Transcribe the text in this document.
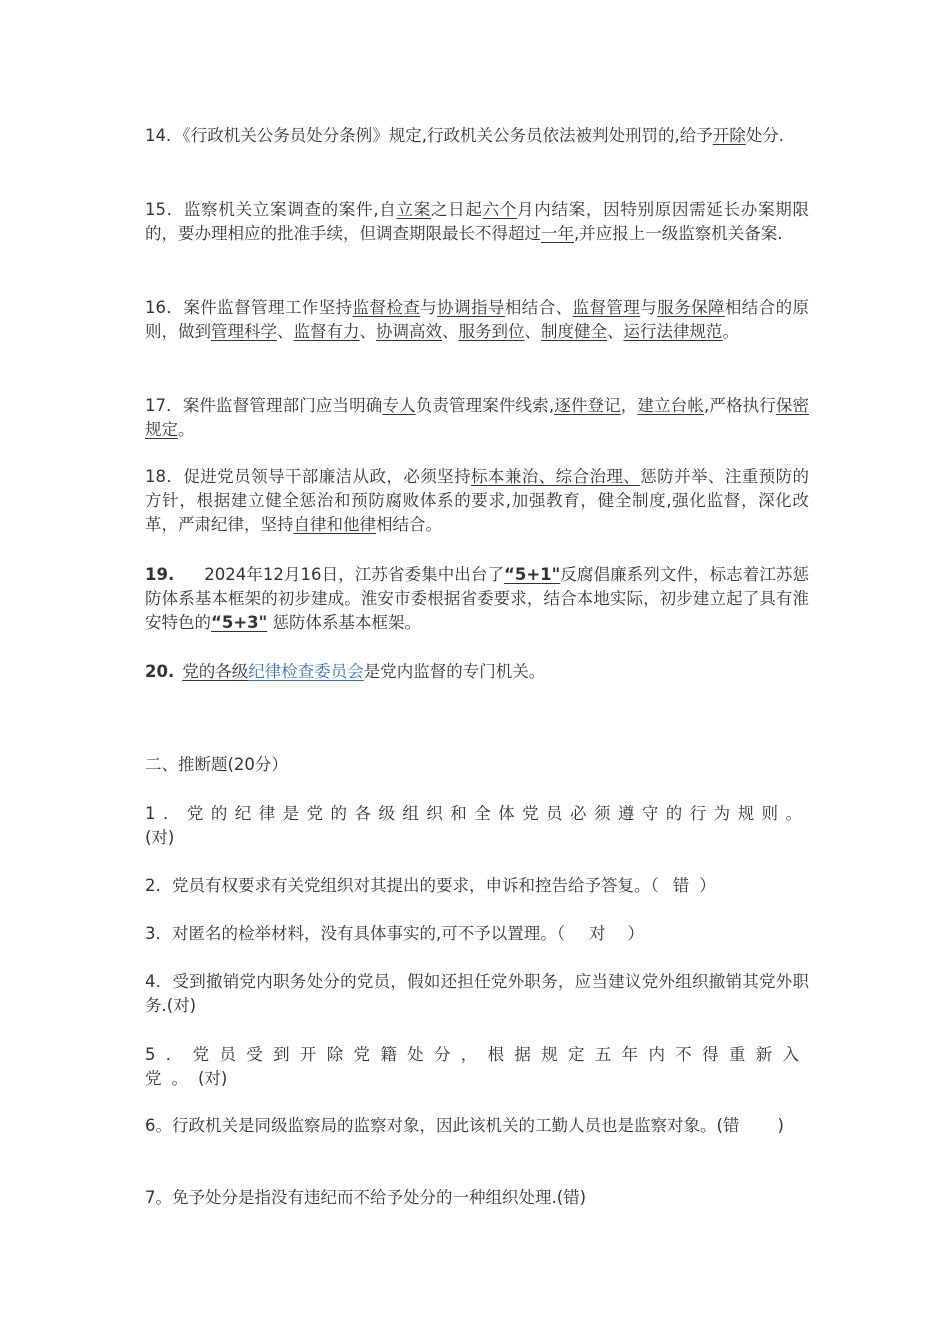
14．《行政机关公务员处分条例》规定,行政机关公务员依法被判处刑罚的,给予开除处分.
15．监察机关立案调查的案件,自立案之日起六个月内结案，因特别原因需延长办案期限的，要办理相应的批准手续，但调查期限最长不得超过一年,并应报上一级监察机关备案.
16．案件监督管理工作坚持监督检查与协调指导相结合、监督管理与服务保障相结合的原则，做到管理科学、监督有力、协调高效、服务到位、制度健全、运行法律规范。
17．案件监督管理部门应当明确专人负责管理案件线索,逐件登记，建立台帐,严格执行保密规定。
18．促进党员领导干部廉洁从政，必须坚持标本兼治、综合治理、惩防并举、注重预防的方针，根据建立健全惩治和预防腐败体系的要求,加强教育，健全制度,强化监督，深化改革，严肃纪律，坚持自律和他律相结合。
19. 2024年12月16日，江苏省委集中出台了“5+1"反腐倡廉系列文件，标志着江苏惩防体系基本框架的初步建成。淮安市委根据省委要求，结合本地实际，初步建立起了具有淮安特色的“5+3" 惩防体系基本框架。
20. 党的各级纪律检查委员会是党内监督的专门机关。
二、推断题(20分）
1．党的纪律是党的各级组织和全体党员必须遵守的行为规则。(对)
2．党员有权要求有关党组织对其提出的要求，申诉和控告给予答复。（ 错 ）
3．对匿名的检举材料，没有具体事实的,可不予以置理。（ 对 ）
4．受到撤销党内职务处分的党员，假如还担任党外职务，应当建议党外组织撤销其党外职务.(对)
5．党员受到开除党籍处分，根据规定五年内不得重新入党。(对)
6。行政机关是同级监察局的监察对象，因此该机关的工勤人员也是监察对象。(错 )
7。免予处分是指没有违纪而不给予处分的一种组织处理.(错)
